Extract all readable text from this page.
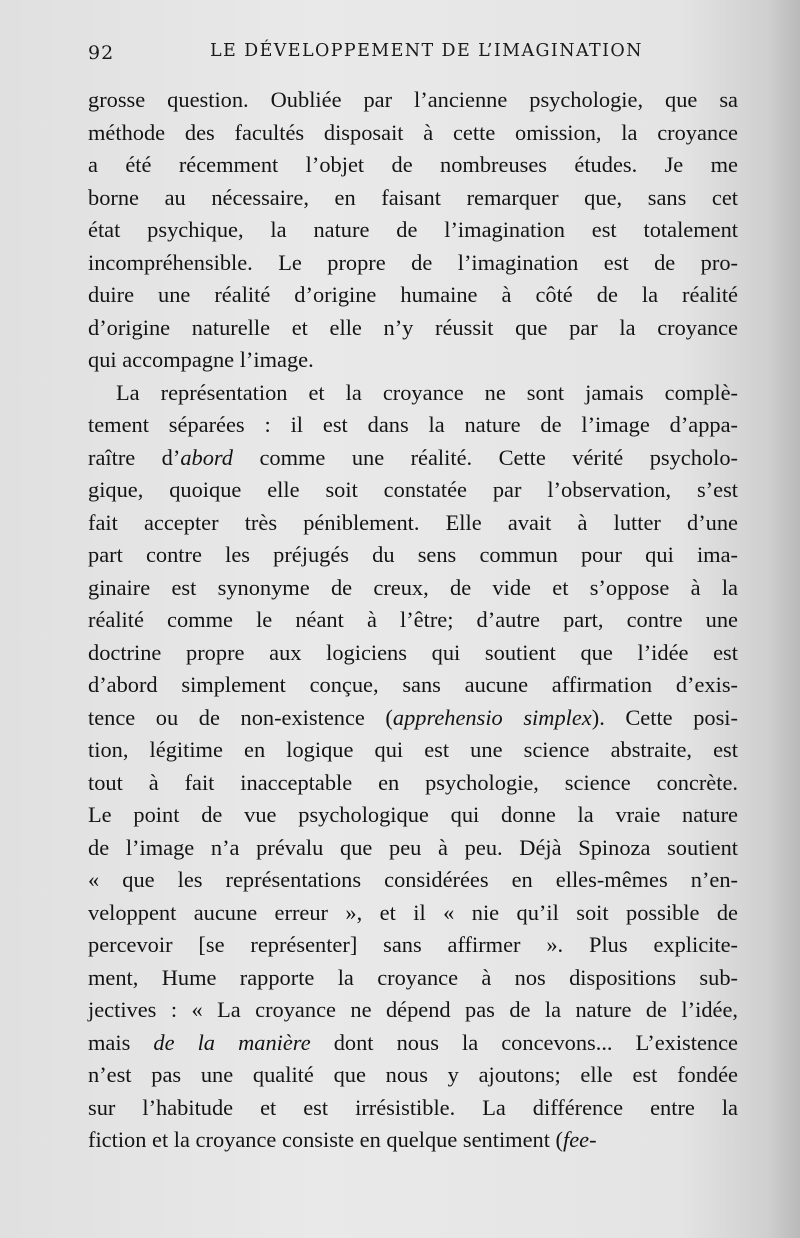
92	LE DÉVELOPPEMENT DE L’IMAGINATION
grosse question. Oubliée par l’ancienne psychologie, que sa
méthode des facultés disposait à cette omission, la croyance
a été récemment l’objet de nombreuses études. Je me
borne au nécessaire, en faisant remarquer que, sans cet
état psychique, la nature de l’imagination est totalement
incompréhensible. Le propre de l’imagination est de pro-
duire une réalité d’origine humaine à côté de la réalité
d’origine naturelle et elle n’y réussit que par la croyance
qui accompagne l’image.
La représentation et la croyance ne sont jamais complè-
tement séparées : il est dans la nature de l’image d’appa-
raître d’abord comme une réalité. Cette vérité psycholo-
gique, quoique elle soit constatée par l’observation, s’est
fait accepter très péniblement. Elle avait à lutter d’une
part contre les préjugés du sens commun pour qui ima-
ginaire est synonyme de creux, de vide et s’oppose à la
réalité comme le néant à l’être; d’autre part, contre une
doctrine propre aux logiciens qui soutient que l’idée est
d’abord simplement conçue, sans aucune affirmation d’exis-
tence ou de non-existence (apprehensio simplex). Cette posi-
tion, légitime en logique qui est une science abstraite, est
tout à fait inacceptable en psychologie, science concrète.
Le point de vue psychologique qui donne la vraie nature
de l’image n’a prévalu que peu à peu. Déjà Spinoza soutient
« que les représentations considérées en elles-mêmes n’en-
veloppent aucune erreur », et il « nie qu’il soit possible de
percevoir [se représenter] sans affirmer ». Plus explicite-
ment, Hume rapporte la croyance à nos dispositions sub-
jectives : « La croyance ne dépend pas de la nature de l’idée,
mais de la manière dont nous la concevons... L’existence
n’est pas une qualité que nous y ajoutons; elle est fondée
sur l’habitude et est irrésistible. La différence entre la
fiction et la croyance consiste en quelque sentiment (fee-
